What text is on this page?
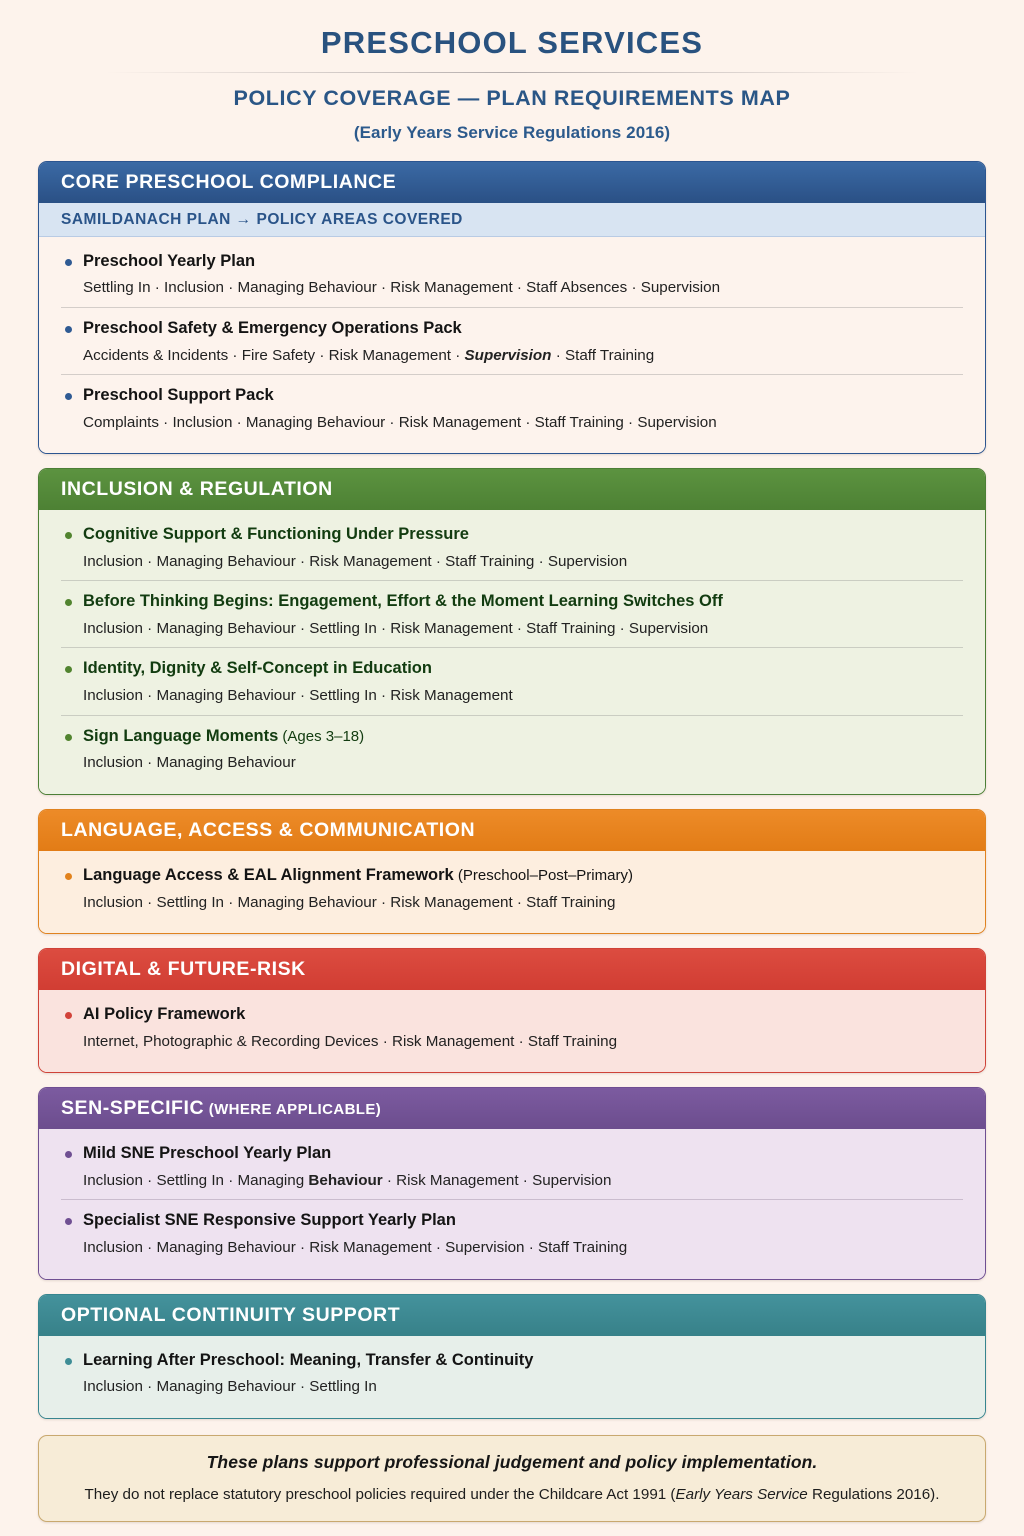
PRESCHOOL SERVICES
POLICY COVERAGE — PLAN REQUIREMENTS MAP
(Early Years Service Regulations 2016)
CORE PRESCHOOL COMPLIANCE
SAMILDANACH PLAN → POLICY AREAS COVERED
Preschool Yearly Plan
Settling In · Inclusion · Managing Behaviour · Risk Management · Staff Absences · Supervision
Preschool Safety & Emergency Operations Pack
Accidents & Incidents · Fire Safety · Risk Management · Supervision · Staff Training
Preschool Support Pack
Complaints · Inclusion · Managing Behaviour · Risk Management · Staff Training · Supervision
INCLUSION & REGULATION
Cognitive Support & Functioning Under Pressure
Inclusion · Managing Behaviour · Risk Management · Staff Training · Supervision
Before Thinking Begins: Engagement, Effort & the Moment Learning Switches Off
Inclusion · Managing Behaviour · Settling In · Risk Management · Staff Training · Supervision
Identity, Dignity & Self-Concept in Education
Inclusion · Managing Behaviour · Settling In · Risk Management
Sign Language Moments (Ages 3–18)
Inclusion · Managing Behaviour
LANGUAGE, ACCESS & COMMUNICATION
Language Access & EAL Alignment Framework (Preschool–Post–Primary)
Inclusion · Settling In · Managing Behaviour · Risk Management · Staff Training
DIGITAL & FUTURE-RISK
AI Policy Framework
Internet, Photographic & Recording Devices · Risk Management · Staff Training
SEN-SPECIFIC (WHERE APPLICABLE)
Mild SNE Preschool Yearly Plan
Inclusion · Settling In · Managing Behaviour · Risk Management · Supervision
Specialist SNE Responsive Support Yearly Plan
Inclusion · Managing Behaviour · Risk Management · Supervision · Staff Training
OPTIONAL CONTINUITY SUPPORT
Learning After Preschool: Meaning, Transfer & Continuity
Inclusion · Managing Behaviour · Settling In
These plans support professional judgement and policy implementation.
They do not replace statutory preschool policies required under the Childcare Act 1991 (Early Years Service Regulations 2016).
